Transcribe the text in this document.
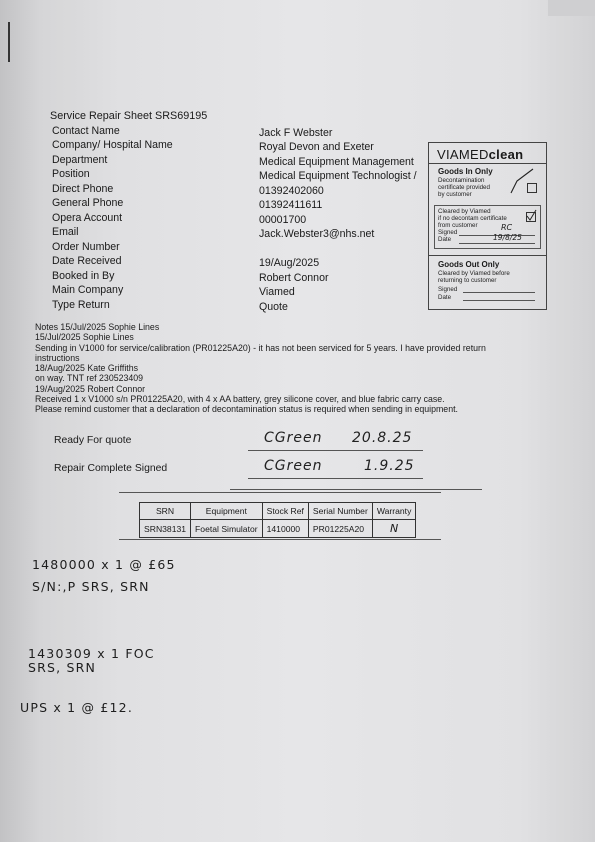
Service Repair Sheet SRS69195
Contact Name	Jack F Webster
Company/ Hospital Name	Royal Devon and Exeter
Department	Medical Equipment Management
Position	Medical Equipment Technologist /
Direct Phone	01392402060
General Phone	01392411611
Opera Account	00001700
Email	Jack.Webster3@nhs.net
Order Number
Date Received	19/Aug/2025
Booked in By	Robert Connor
Main Company	Viamed
Type Return	Quote
VIAMEDclean
Goods In Only
Decontamination
certificate provided
by customer
Cleared by Viamed
if no decontam certificate
from customer
Signed
Date
RC
19/8/25
Goods Out Only
Cleared by Viamed before
returning to customer
Signed
Date
Notes 15/Jul/2025 Sophie Lines
15/Jul/2025 Sophie Lines
Sending in V1000 for service/calibration (PR01225A20) - it has not been serviced for 5 years. I have provided return
instructions
18/Aug/2025 Kate Griffiths
on way. TNT ref 230523409
19/Aug/2025 Robert Connor
Received 1 x V1000 s/n PR01225A20, with 4 x AA battery, grey silicone cover, and blue fabric carry case.
Please remind customer that a declaration of decontamination status is required when sending in equipment.
Ready For quote	CGreen 20.8.25
Repair Complete Signed	CGreen	1.9.25
SRN	Equipment	Stock Ref	Serial Number	Warranty
SRN38131	Foetal Simulator	1410000	PR01225A20	N
1480000 x 1 @ £65
S/N:,P SRS, SRN
1430309 x 1 FOC
SRS, SRN
UPS x 1 @ £12.
